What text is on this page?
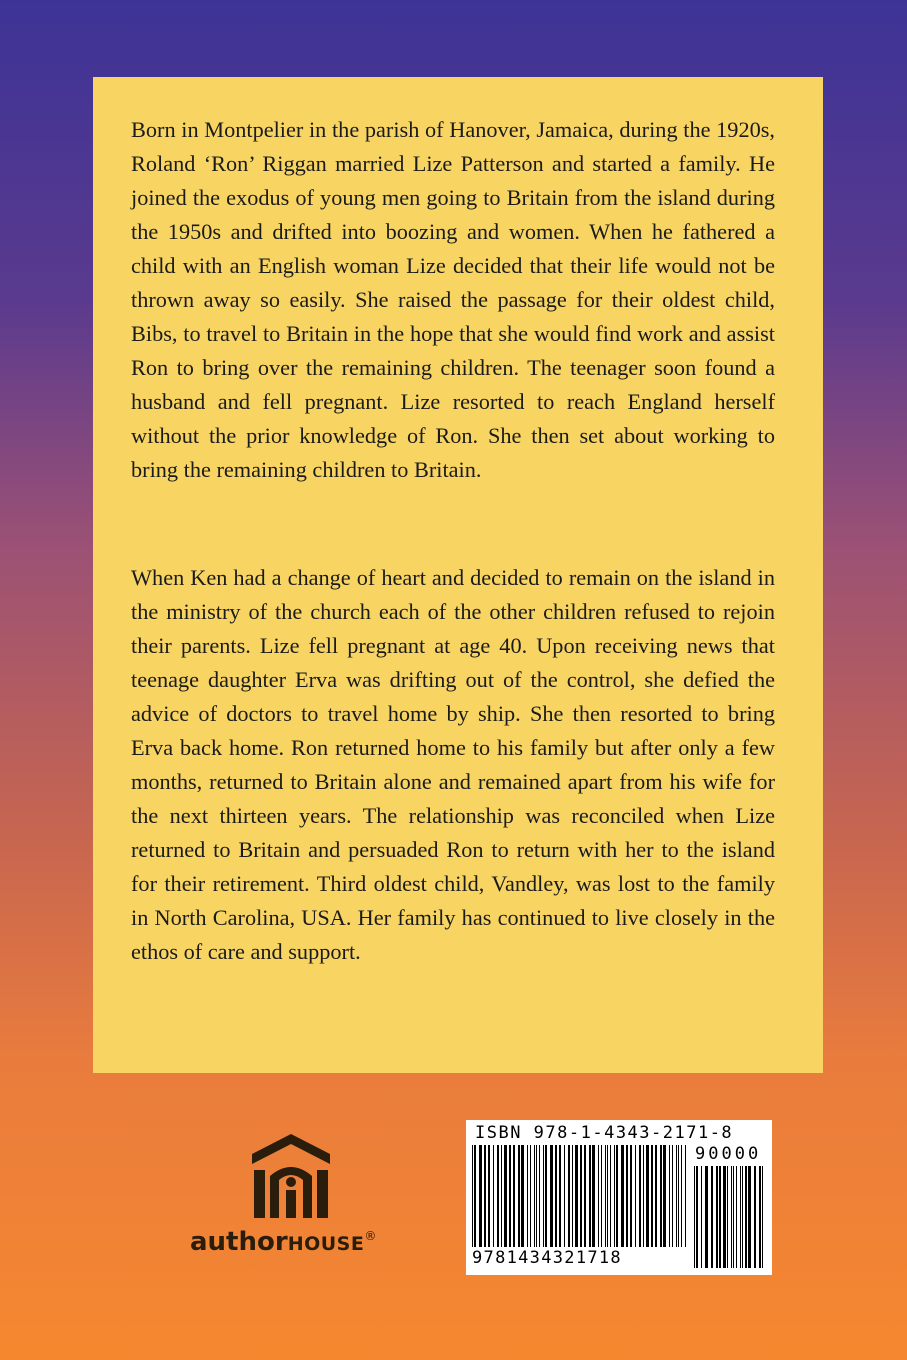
Born in Montpelier in the parish of Hanover, Jamaica, during the 1920s, Roland ‘Ron’ Riggan married Lize Patterson and started a family. He joined the exodus of young men going to Britain from the island during the 1950s and drifted into boozing and women. When he fathered a child with an English woman Lize decided that their life would not be thrown away so easily. She raised the passage for their oldest child, Bibs, to travel to Britain in the hope that she would find work and assist Ron to bring over the remaining children. The teenager soon found a husband and fell pregnant. Lize resorted to reach England herself without the prior knowledge of Ron. She then set about working to bring the remaining children to Britain.

When Ken had a change of heart and decided to remain on the island in the ministry of the church each of the other children refused to rejoin their parents. Lize fell pregnant at age 40. Upon receiving news that teenage daughter Erva was drifting out of the control, she defied the advice of doctors to travel home by ship. She then resorted to bring Erva back home. Ron returned home to his family but after only a few months, returned to Britain alone and remained apart from his wife for the next thirteen years. The relationship was reconciled when Lize returned to Britain and persuaded Ron to return with her to the island for their retirement. Third oldest child, Vandley, was lost to the family in North Carolina, USA. Her family has continued to live closely in the ethos of care and support.

authorHOUSE®
ISBN 978-1-4343-2171-8
90000
9781434321718
